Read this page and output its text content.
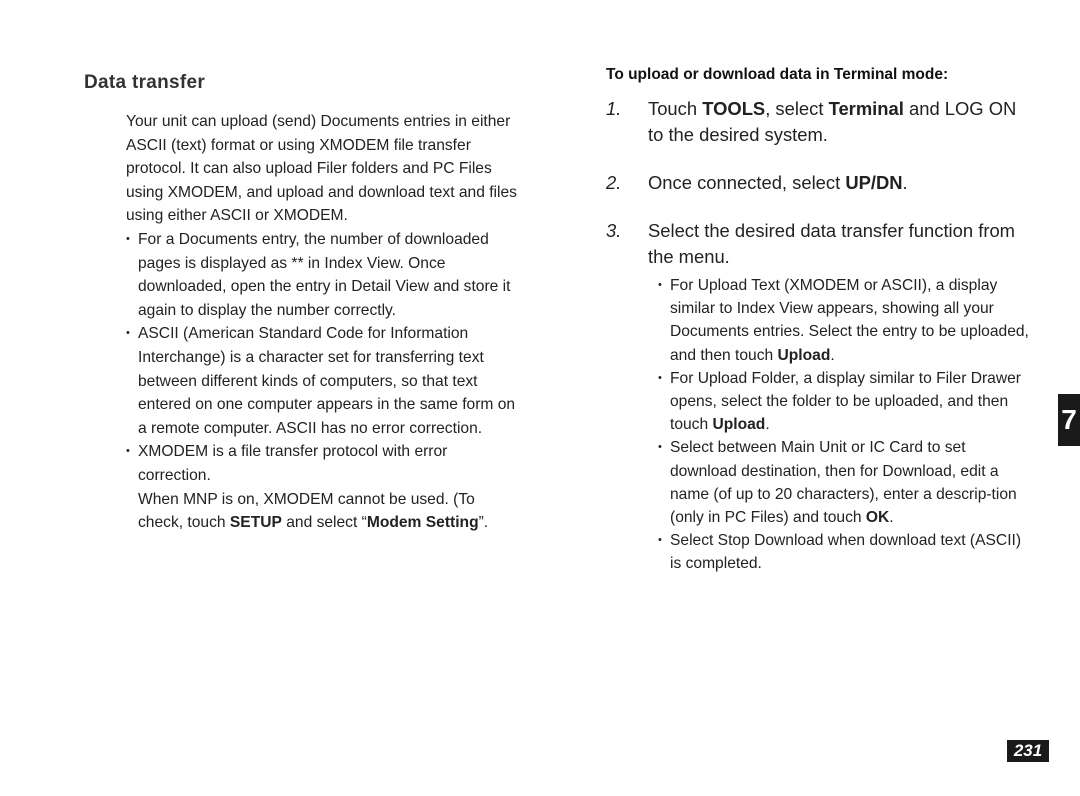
Data transfer

Your unit can upload (send) Documents entries in either ASCII (text) format or using XMODEM file transfer protocol. It can also upload Filer folders and PC Files using XMODEM, and upload and download text and files using either ASCII or XMODEM.

• For a Documents entry, the number of downloaded pages is displayed as ** in Index View. Once downloaded, open the entry in Detail View and store it again to display the number correctly.
• ASCII (American Standard Code for Information Interchange) is a character set for transferring text between different kinds of computers, so that text entered on one computer appears in the same form on a remote computer. ASCII has no error correction.
• XMODEM is a file transfer protocol with error correction.

When MNP is on, XMODEM cannot be used. (To check, touch SETUP and select “Modem Setting”.

To upload or download data in Terminal mode:

1. Touch TOOLS, select Terminal and LOG ON to the desired system.
2. Once connected, select UP/DN.
3. Select the desired data transfer function from the menu.
• For Upload Text (XMODEM or ASCII), a display similar to Index View appears, showing all your Documents entries. Select the entry to be uploaded, and then touch Upload.
• For Upload Folder, a display similar to Filer Drawer opens, select the folder to be uploaded, and then touch Upload.
• Select between Main Unit or IC Card to set download destination, then for Download, edit a name (of up to 20 characters), enter a descrip-tion (only in PC Files) and touch OK.
• Select Stop Download when download text (ASCII) is completed.
7
231
